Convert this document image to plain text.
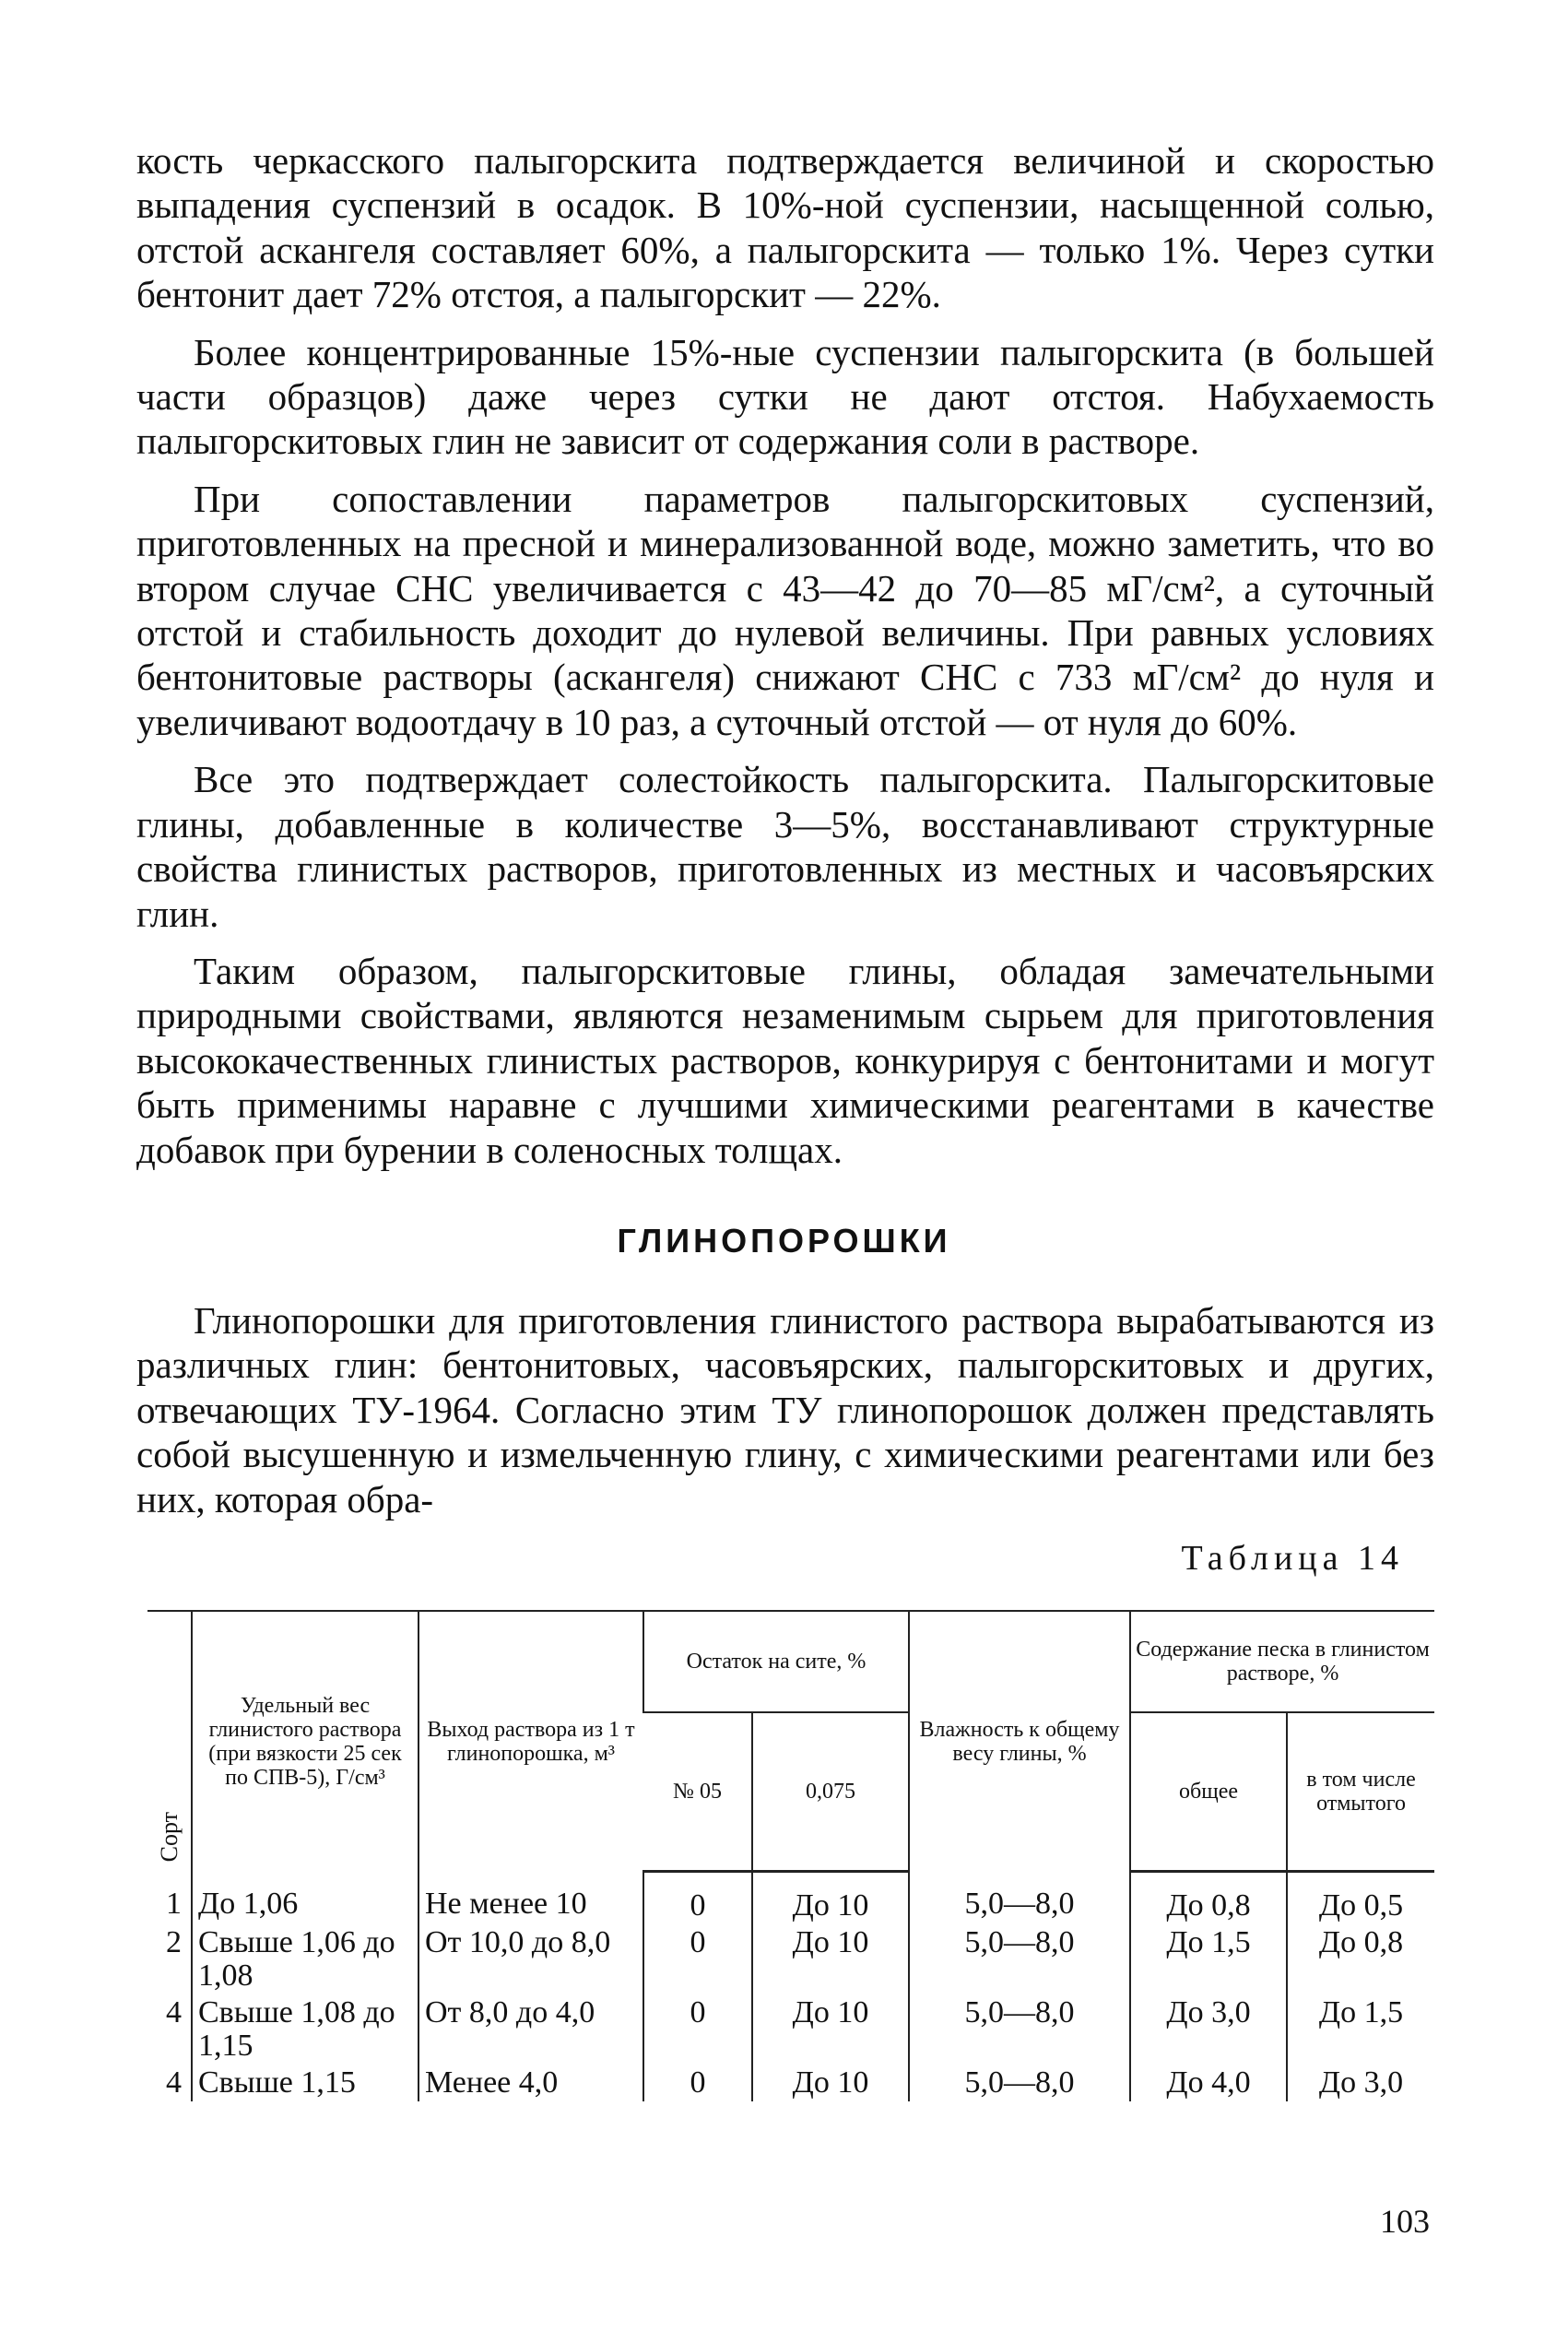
кость черкасского палыгорскита подтверждается величиной и скоростью выпадения суспензий в осадок. В 10%-ной суспензии, насыщенной солью, отстой аскангеля составляет 60%, а палыгорскита — только 1%. Через сутки бентонит дает 72% отстоя, а палыгорскит — 22%.

Более концентрированные 15%-ные суспензии палыгорскита (в большей части образцов) даже через сутки не дают отстоя. Набухаемость палыгорскитовых глин не зависит от содержания соли в растворе.

При сопоставлении параметров палыгорскитовых суспензий, приготовленных на пресной и минерализованной воде, можно заметить, что во втором случае СНС увеличивается с 43—42 до 70—85 мГ/см², а суточный отстой и стабильность доходит до нулевой величины. При равных условиях бентонитовые растворы (аскангеля) снижают СНС с 733 мГ/см² до нуля и увеличивают водоотдачу в 10 раз, а суточный отстой — от нуля до 60%.

Все это подтверждает солестойкость палыгорскита. Палыгорскитовые глины, добавленные в количестве 3—5%, восстанавливают структурные свойства глинистых растворов, приготовленных из местных и часовъярских глин.

Таким образом, палыгорскитовые глины, обладая замечательными природными свойствами, являются незаменимым сырьем для приготовления высококачественных глинистых растворов, конкурируя с бентонитами и могут быть применимы наравне с лучшими химическими реагентами в качестве добавок при бурении в соленосных толщах.

ГЛИНОПОРОШКИ

Глинопорошки для приготовления глинистого раствора вырабатываются из различных глин: бентонитовых, часовъярских, палыгорскитовых и других, отвечающих ТУ-1964. Согласно этим ТУ глинопорошок должен представлять собой высушенную и измельченную глину, с химическими реагентами или без них, которая обра-

Таблица 14
Сорт	Удельный вес глинистого раствора (при вязкости 25 сек по СПВ-5), Г/см³	Выход раствора из 1 т глинопорошка, м³	Остаток на сите, %		Влажность к общему весу глины, %	Содержание песка в глинистом растворе, %	
			№ 05	0,075		общее	в том числе отмытого
1	До 1,06	Не менее 10	0	До 10	5,0—8,0	До 0,8	До 0,5
2	Свыше 1,06 до 1,08	От 10,0 до 8,0	0	До 10	5,0—8,0	До 1,5	До 0,8
4	Свыше 1,08 до 1,15	От 8,0 до 4,0	0	До 10	5,0—8,0	До 3,0	До 1,5
4	Свыше 1,15	Менее 4,0	0	До 10	5,0—8,0	До 4,0	До 3,0
103
